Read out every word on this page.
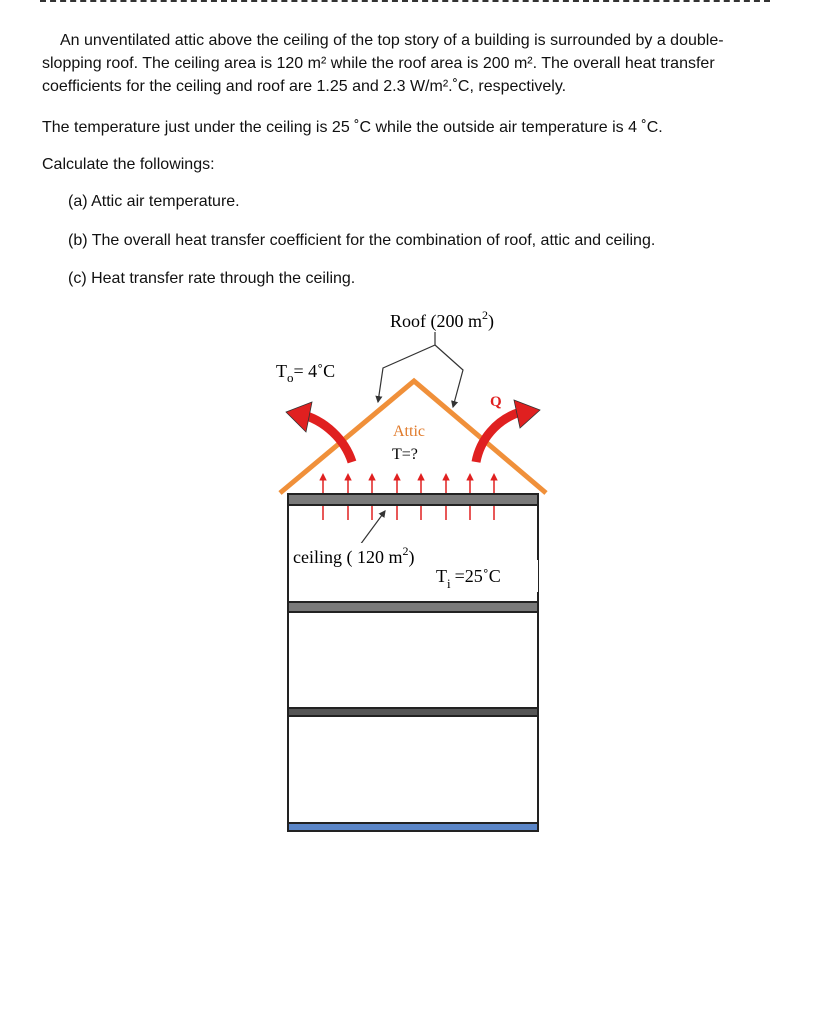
An unventilated attic above the ceiling of the top story of a building is surrounded by a double-slopping roof. The ceiling area is 120 m² while the roof area is 200 m². The overall heat transfer coefficients for the ceiling and roof are 1.25 and 2.3 W/m².˚C, respectively.

The temperature just under the ceiling is 25 ˚C while the outside air temperature is 4 ˚C.

Calculate the followings:

(a) Attic air temperature.
(b) The overall heat transfer coefficient for the combination of roof, attic and ceiling.
(c) Heat transfer rate through the ceiling.
Roof (200 $m^2$)
$T_o=$ 4˚C
Q
Attic
T=?
ceiling ( 120 $m^2$)
$T_i$ =25˚C
